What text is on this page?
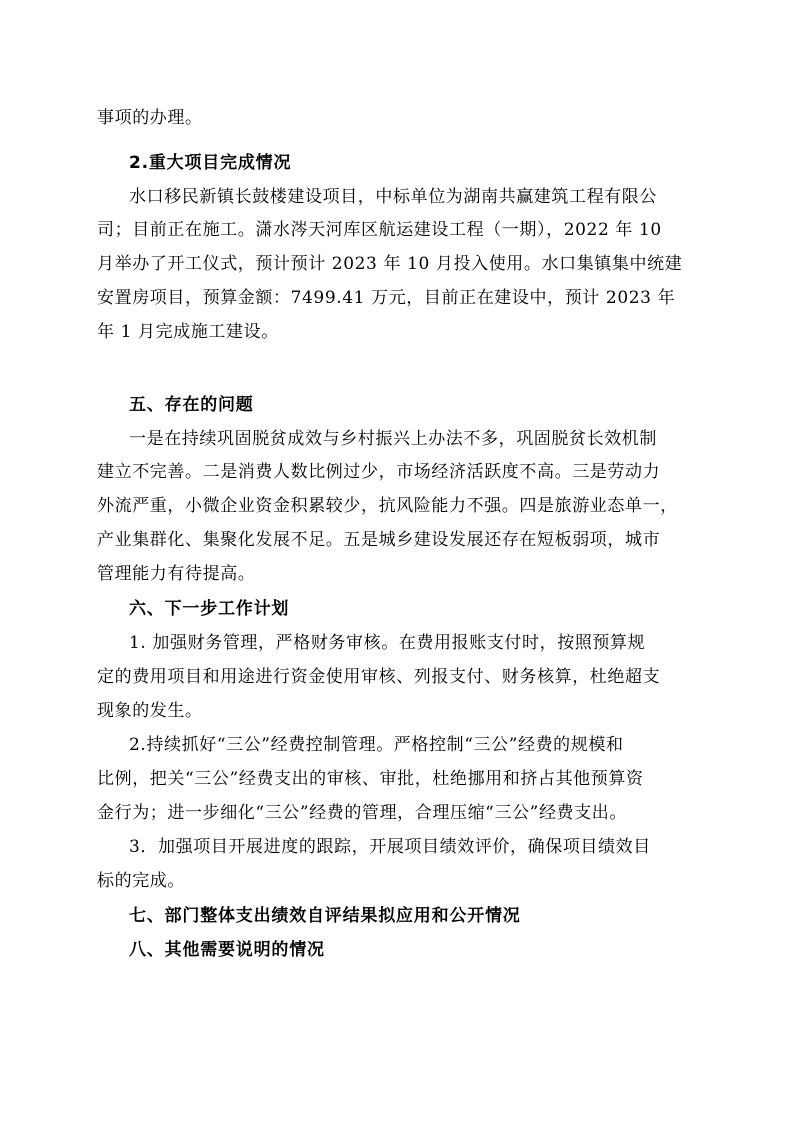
事项的办理。
2.重大项目完成情况
水口移民新镇长鼓楼建设项目，中标单位为湖南共赢建筑工程有限公
司；目前正在施工。潇水涔天河库区航运建设工程（一期），2022 年 10
月举办了开工仪式，预计预计 2023 年 10 月投入使用。水口集镇集中统建
安置房项目，预算金额：7499.41 万元，目前正在建设中，预计 2023 年
年 1 月完成施工建设。
五、存在的问题
一是在持续巩固脱贫成效与乡村振兴上办法不多，巩固脱贫长效机制
建立不完善。二是消费人数比例过少，市场经济活跃度不高。三是劳动力
外流严重，小微企业资金积累较少，抗风险能力不强。四是旅游业态单一，
产业集群化、集聚化发展不足。五是城乡建设发展还存在短板弱项，城市
管理能力有待提高。
六、下一步工作计划
1. 加强财务管理，严格财务审核。在费用报账支付时，按照预算规
定的费用项目和用途进行资金使用审核、列报支付、财务核算，杜绝超支
现象的发生。
2.持续抓好“三公”经费控制管理。严格控制“三公”经费的规模和
比例，把关“三公”经费支出的审核、审批，杜绝挪用和挤占其他预算资
金行为；进一步细化“三公”经费的管理，合理压缩“三公”经费支出。
3．加强项目开展进度的跟踪，开展项目绩效评价，确保项目绩效目
标的完成。
七、部门整体支出绩效自评结果拟应用和公开情况
八、其他需要说明的情况
